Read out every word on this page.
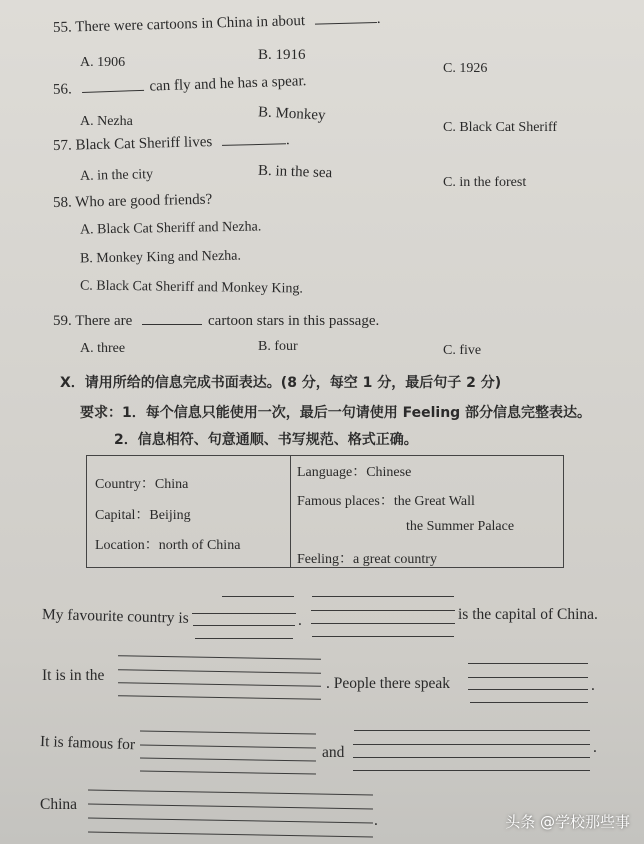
55. There were cartoons in China in about	.
A. 1906	B. 1916
C. 1926
56.	can fly and he has a spear.
A. Nezha	B. Monkey
C. Black Cat Sheriff
57. Black Cat Sheriff lives	.
A. in the city	B. in the sea
C. in the forest
58. Who are good friends?
A. Black Cat Sheriff and Nezha.
B. Monkey King and Nezha.
C. Black Cat Sheriff and Monkey King.
59. There are	cartoon stars in this passage.
A. three	B. four	C. five
X．请用所给的信息完成书面表达。(8 分，每空 1 分，最后句子 2 分)
要求：1．每个信息只能使用一次，最后一句请使用 Feeling 部分信息完整表达。
2．信息相符、句意通顺、书写规范、格式正确。
Country：China
Capital：Beijing
Location：north of China
Language：Chinese
Famous places：the Great Wall
the Summer Palace
Feeling：a great country
My favourite country is	.	is the capital of China.
It is in the	. People there speak	.
It is famous for	and	.
China
.	头条 @学校那些事
